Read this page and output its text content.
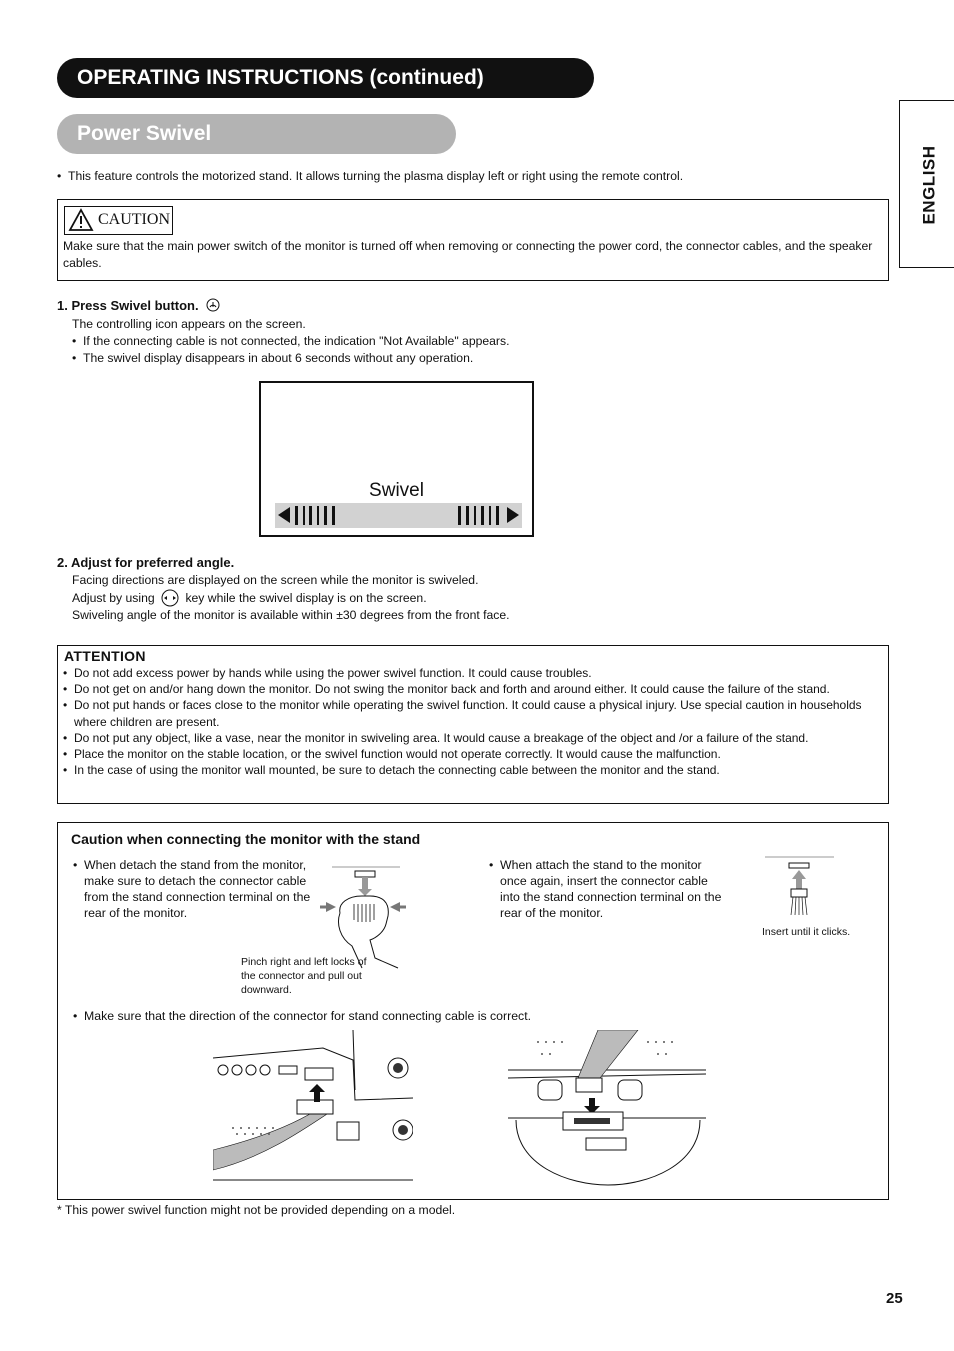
OPERATING INSTRUCTIONS (continued)
Power Swivel
ENGLISH
• This feature controls the motorized stand. It allows turning the plasma display left or right using the remote control.
CAUTION
Make sure that the main power switch of the monitor is turned off when removing or connecting the power cord, the connector cables, and the speaker cables.
1. Press Swivel button.
The controlling icon appears on the screen.
• If the connecting cable is not connected, the indication "Not Available" appears.
• The swivel display disappears in about 6 seconds without any operation.
Swivel
2. Adjust for preferred angle.
Facing directions are displayed on the screen while the monitor is swiveled.
Adjust by using	key while the swivel display is on the screen.
Swiveling angle of the monitor is available within ±30 degrees from the front face.
ATTENTION
• Do not add excess power by hands while using the power swivel function. It could cause troubles.
• Do not get on and/or hang down the monitor. Do not swing the monitor back and forth and around either. It could cause the failure of the stand.
• Do not put hands or faces close to the monitor while operating the swivel function. It could cause a physical injury. Use special caution in households where children are present.
• Do not put any object, like a vase, near the monitor in swiveling area. It would cause a breakage of the object and /or a failure of the stand.
• Place the monitor on the stable location, or the swivel function would not operate correctly. It would cause the malfunction.
• In the case of using the monitor wall mounted, be sure to detach the connecting cable between the monitor and the stand.
Caution when connecting the monitor with the stand
• When detach the stand from the monitor, make sure to detach the connector cable from the stand connection terminal on the rear of the monitor.
Pinch right and left locks of the connector and pull out downward.
• When attach the stand to the monitor once again, insert the connector cable into the stand connection terminal on the rear of the monitor.
Insert until it clicks.
• Make sure that the direction of the connector for stand connecting cable is correct.
* This power swivel function might not be provided depending on a model.
25
